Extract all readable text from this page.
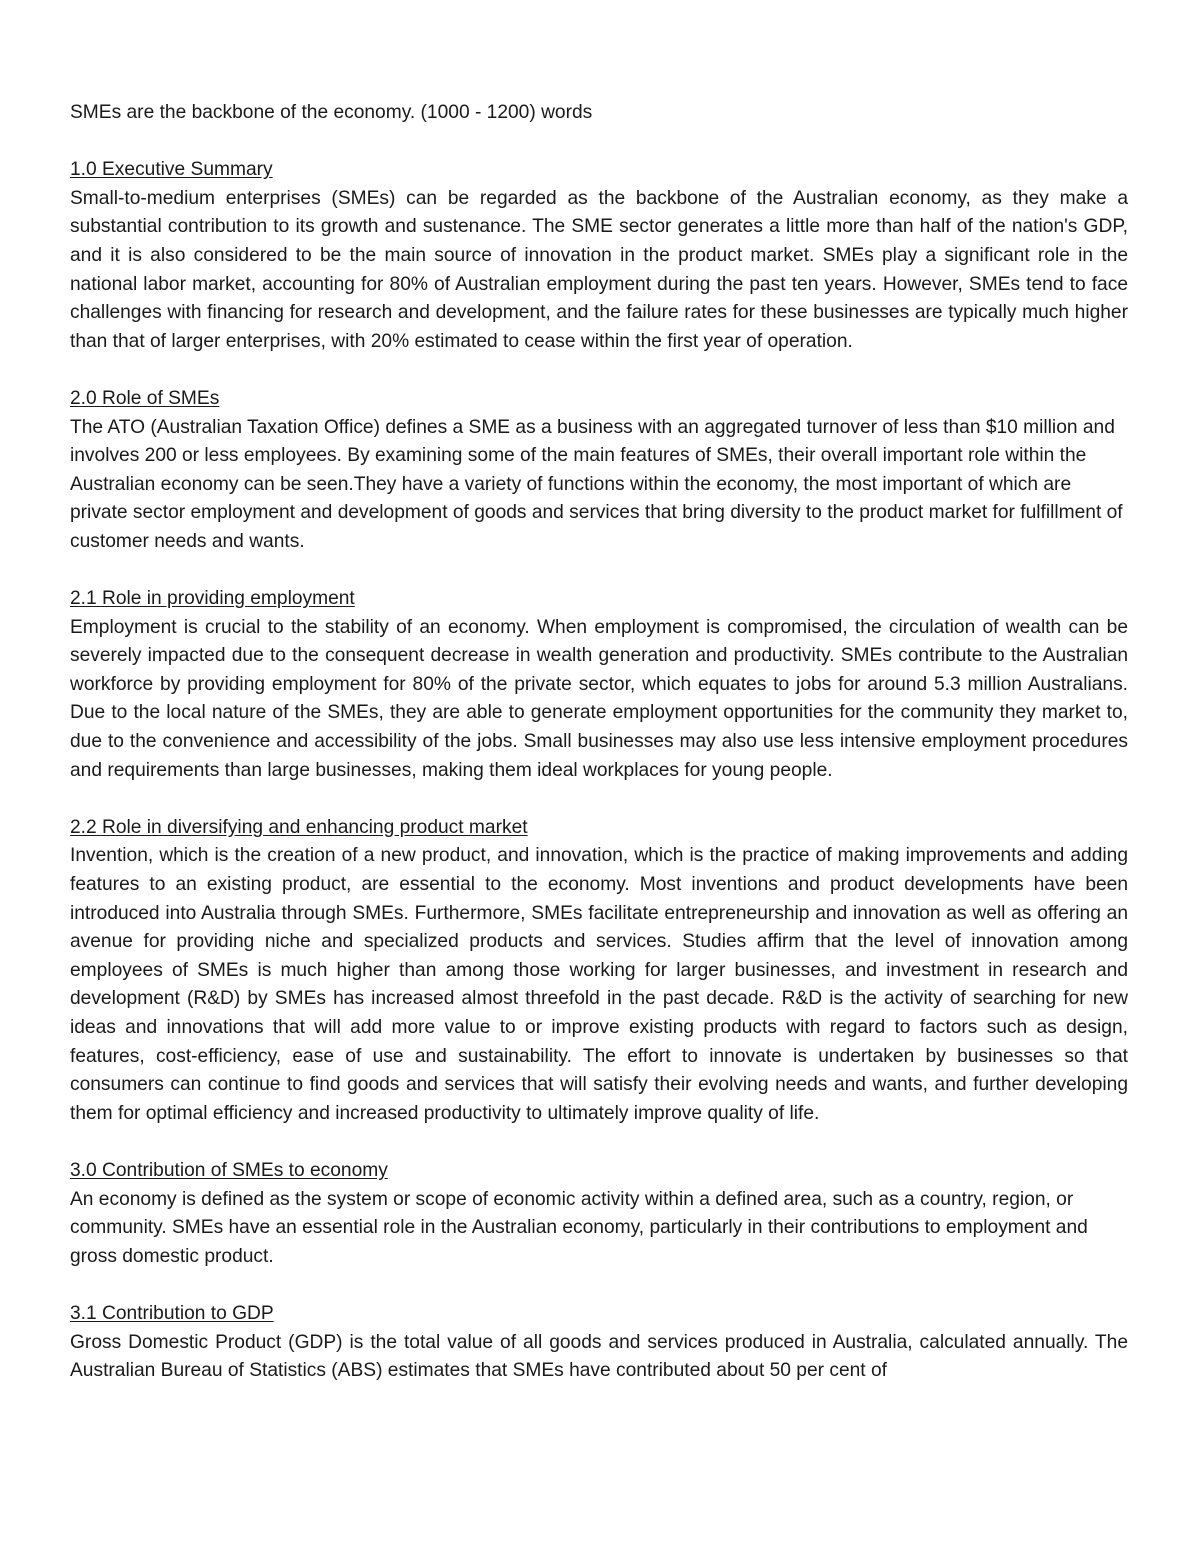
SMEs are the backbone of the economy. (1000 - 1200) words
1.0 Executive Summary

Small-to-medium enterprises (SMEs) can be regarded as the backbone of the Australian economy, as they make a substantial contribution to its growth and sustenance. The SME sector generates a little more than half of the nation's GDP, and it is also considered to be the main source of innovation in the product market. SMEs play a significant role in the national labor market, accounting for 80% of Australian employment during the past ten years. However, SMEs tend to face challenges with financing for research and development, and the failure rates for these businesses are typically much higher than that of larger enterprises, with 20% estimated to cease within the first year of operation.

2.0 Role of SMEs

The ATO (Australian Taxation Office) defines a SME as a business with an aggregated turnover of less than $10 million and involves 200 or less employees. By examining some of the main features of SMEs, their overall important role within the Australian economy can be seen.They have a variety of functions within the economy, the most important of which are private sector employment and development of goods and services that bring diversity to the product market for fulfillment of customer needs and wants.

2.1 Role in providing employment

Employment is crucial to the stability of an economy. When employment is compromised, the circulation of wealth can be severely impacted due to the consequent decrease in wealth generation and productivity. SMEs contribute to the Australian workforce by providing employment for 80% of the private sector, which equates to jobs for around 5.3 million Australians. Due to the local nature of the SMEs, they are able to generate employment opportunities for the community they market to, due to the convenience and accessibility of the jobs. Small businesses may also use less intensive employment procedures and requirements than large businesses, making them ideal workplaces for young people.

2.2 Role in diversifying and enhancing product market

Invention, which is the creation of a new product, and innovation, which is the practice of making improvements and adding features to an existing product, are essential to the economy. Most inventions and product developments have been introduced into Australia through SMEs. Furthermore, SMEs facilitate entrepreneurship and innovation as well as offering an avenue for providing niche and specialized products and services. Studies affirm that the level of innovation among employees of SMEs is much higher than among those working for larger businesses, and investment in research and development (R&D) by SMEs has increased almost threefold in the past decade. R&D is the activity of searching for new ideas and innovations that will add more value to or improve existing products with regard to factors such as design, features, cost-efficiency, ease of use and sustainability. The effort to innovate is undertaken by businesses so that consumers can continue to find goods and services that will satisfy their evolving needs and wants, and further developing them for optimal efficiency and increased productivity to ultimately improve quality of life.

3.0 Contribution of SMEs to economy

An economy is defined as the system or scope of economic activity within a defined area, such as a country, region, or community. SMEs have an essential role in the Australian economy, particularly in their contributions to employment and gross domestic product.

3.1 Contribution to GDP

Gross Domestic Product (GDP) is the total value of all goods and services produced in Australia, calculated annually. The Australian Bureau of Statistics (ABS) estimates that SMEs have contributed about 50 per cent of
